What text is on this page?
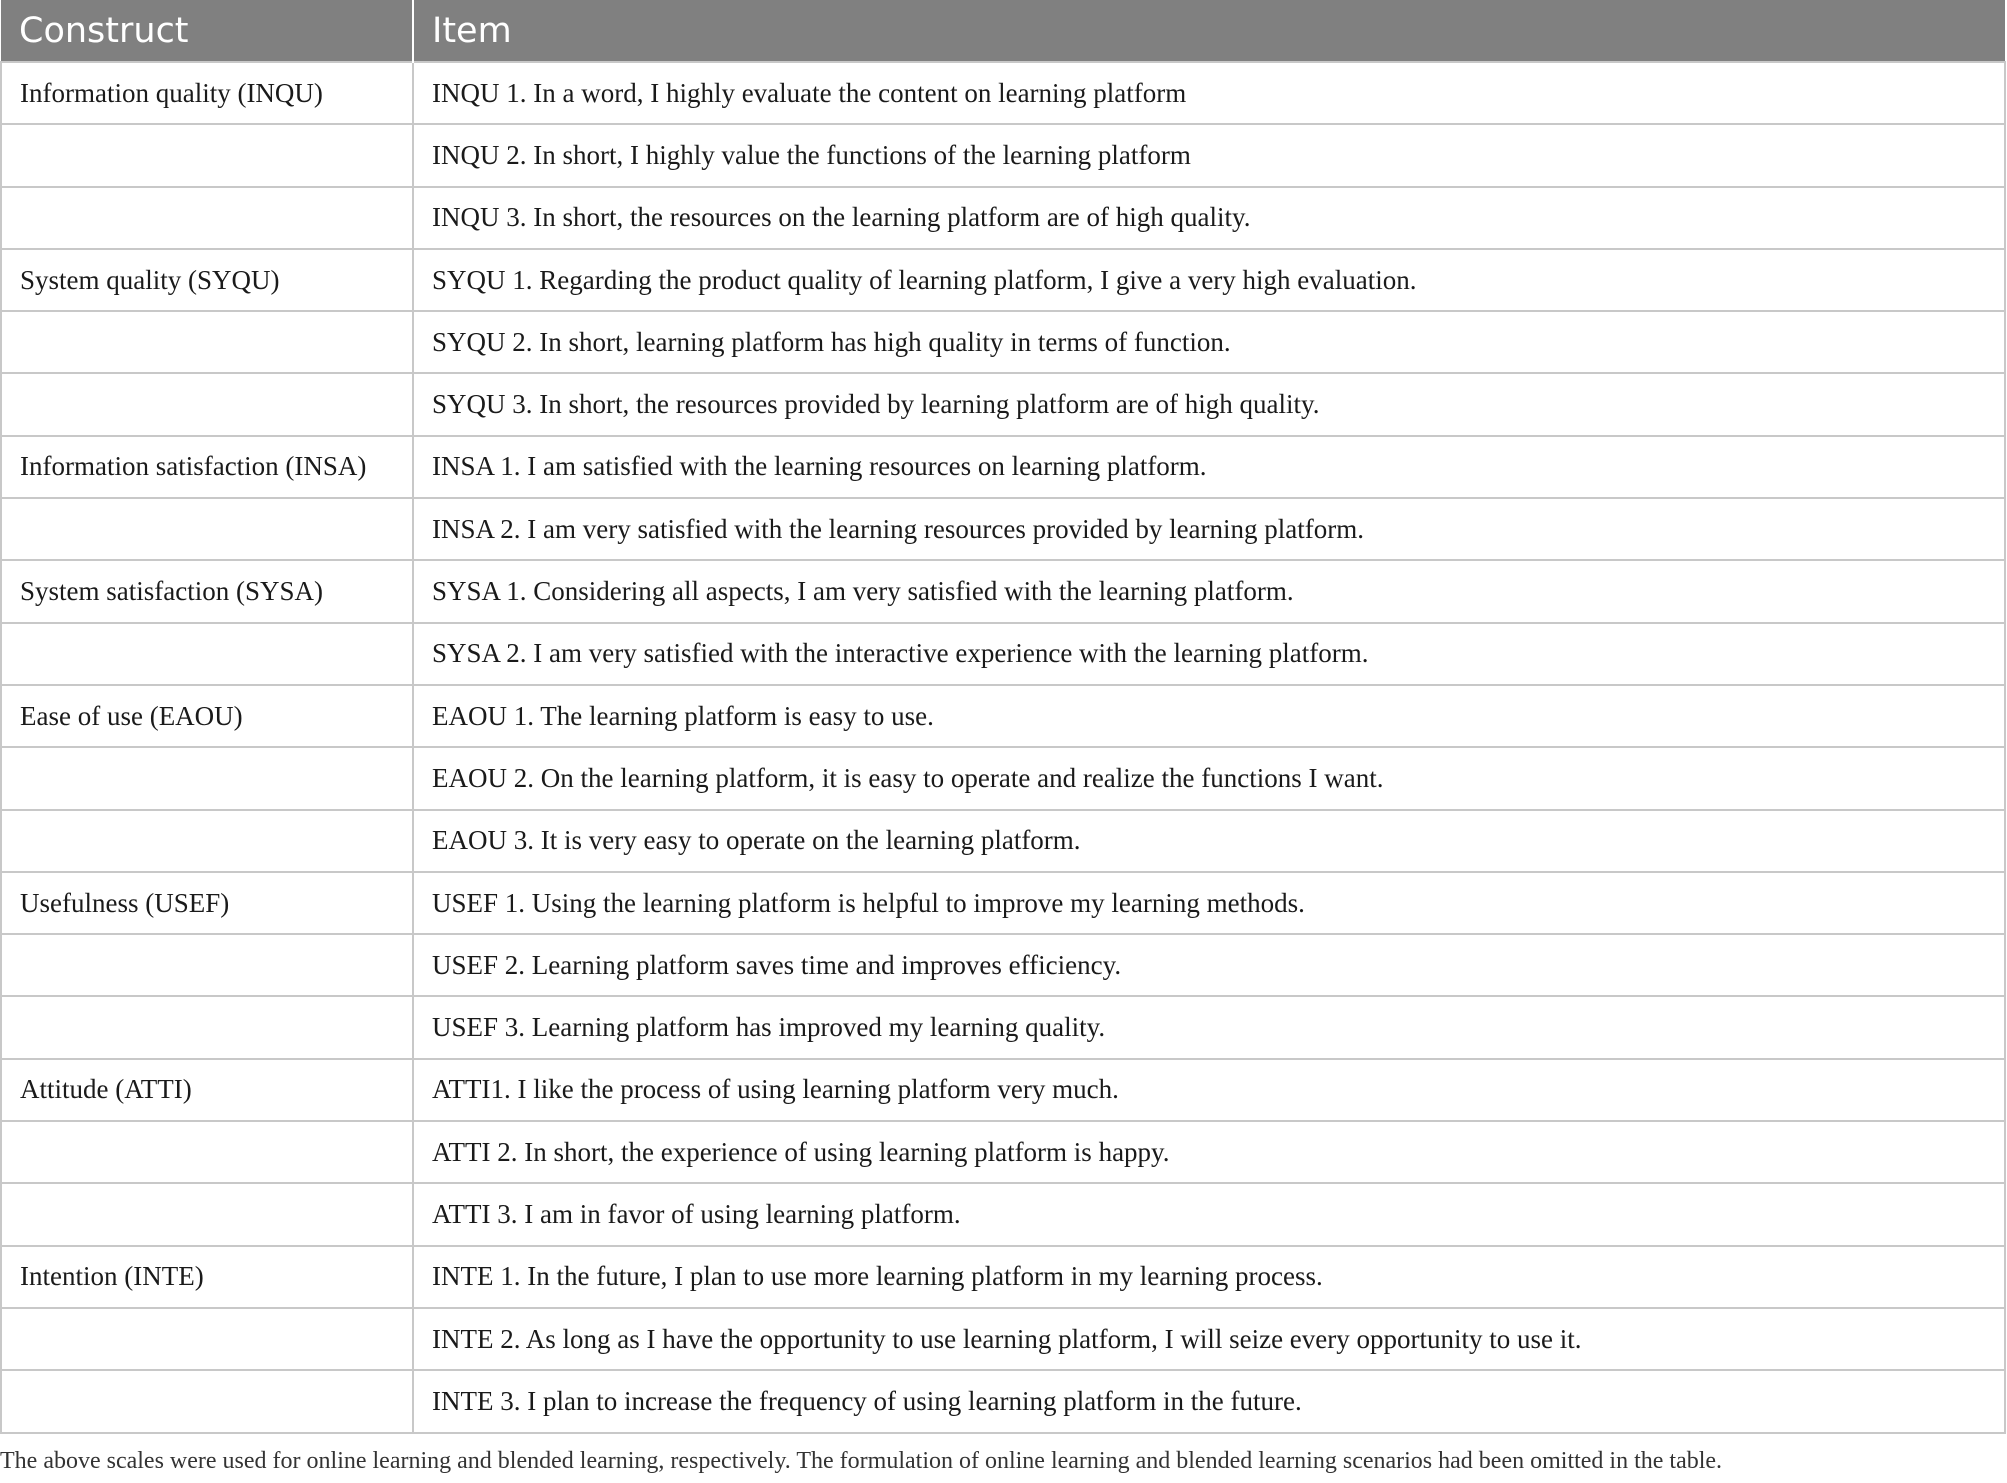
Construct	Item
Information quality (INQU)	INQU 1. In a word, I highly evaluate the content on learning platform
	INQU 2. In short, I highly value the functions of the learning platform
	INQU 3. In short, the resources on the learning platform are of high quality.
System quality (SYQU)	SYQU 1. Regarding the product quality of learning platform, I give a very high evaluation.
	SYQU 2. In short, learning platform has high quality in terms of function.
	SYQU 3. In short, the resources provided by learning platform are of high quality.
Information satisfaction (INSA)	INSA 1. I am satisfied with the learning resources on learning platform.
	INSA 2. I am very satisfied with the learning resources provided by learning platform.
System satisfaction (SYSA)	SYSA 1. Considering all aspects, I am very satisfied with the learning platform.
	SYSA 2. I am very satisfied with the interactive experience with the learning platform.
Ease of use (EAOU)	EAOU 1. The learning platform is easy to use.
	EAOU 2. On the learning platform, it is easy to operate and realize the functions I want.
	EAOU 3. It is very easy to operate on the learning platform.
Usefulness (USEF)	USEF 1. Using the learning platform is helpful to improve my learning methods.
	USEF 2. Learning platform saves time and improves efficiency.
	USEF 3. Learning platform has improved my learning quality.
Attitude (ATTI)	ATTI1. I like the process of using learning platform very much.
	ATTI 2. In short, the experience of using learning platform is happy.
	ATTI 3. I am in favor of using learning platform.
Intention (INTE)	INTE 1. In the future, I plan to use more learning platform in my learning process.
	INTE 2. As long as I have the opportunity to use learning platform, I will seize every opportunity to use it.
	INTE 3. I plan to increase the frequency of using learning platform in the future.
The above scales were used for online learning and blended learning, respectively. The formulation of online learning and blended learning scenarios had been omitted in the table.
